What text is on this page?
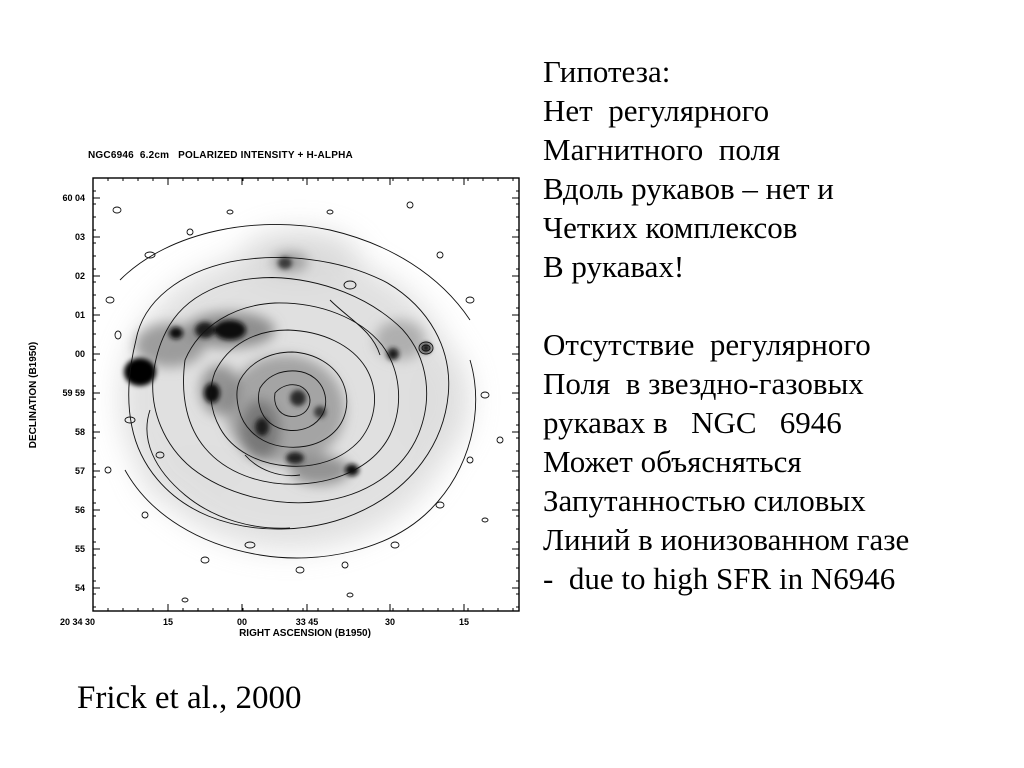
NGC6946  6.2cm   POLARIZED INTENSITY + H-ALPHA
60 04
03
02
01
00
59 59
58
57
56
55
54
20 34 30	15	00	33 45	30	15
RIGHT ASCENSION (B1950)
DECLINATION (B1950)
Frick et al., 2000
Гипотеза:
Нет  регулярного
Магнитного  поля
Вдоль рукавов – нет и
Четких комплексов
В рукавах!
Отсутствие  регулярного
Поля  в звездно-газовых
рукавах в   NGC   6946
Может объясняться
Запутанностью силовых
Линий в ионизованном газе
-  due to high SFR in N6946
